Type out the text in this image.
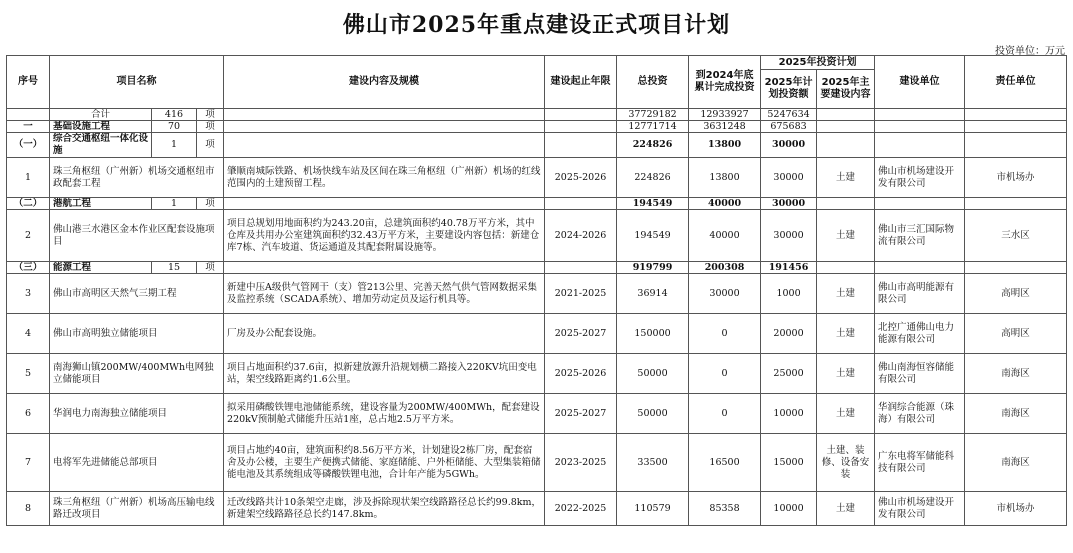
佛山市2025年重点建设正式项目计划
投资单位：万元
序号	项目名称			建设内容及规模	建设起止年限	总投资	到2024年底累计完成投资	2025年投资计划		建设单位	责任单位
								2025年计划投资额	2025年主要建设内容		

	合计	416	项			37729182	12933927	5247634			
一	基础设施工程	70	项			12771714	3631248	675683			
（一）	综合交通枢纽一体化设施	1	项			224826	13800	30000			
1	珠三角枢纽（广州新）机场交通枢纽市政配套工程			肇顺南城际铁路、机场快线车站及区间在珠三角枢纽（广州新）机场的红线范围内的土建预留工程。	2025-2026	224826	13800	30000	土建	佛山市机场建设开发有限公司	市机场办
（二）	港航工程	1	项			194549	40000	30000			
2	佛山港三水港区金本作业区配套设施项目			项目总规划用地面积约为243.20亩，总建筑面积约40.78万平方米，其中仓库及共用办公室建筑面积约32.43万平方米，主要建设内容包括：新建仓库7栋、汽车坡道、货运通道及其配套附属设施等。	2024-2026	194549	40000	30000	土建	佛山市三汇国际物流有限公司	三水区
（三）	能源工程	15	项			919799	200308	191456			
3	佛山市高明区天然气三期工程			新建中压A级供气管网干（支）管213公里、完善天然气供气管网数据采集及监控系统（SCADA系统）、增加劳动定员及运行机具等。	2021-2025	36914	30000	1000	土建	佛山市高明能源有限公司	高明区
4	佛山市高明独立储能项目			厂房及办公配套设施。	2025-2027	150000	0	20000	土建	北控广通佛山电力能源有限公司	高明区
5	南海狮山镇200MW/400MWh电网独立储能项目			项目占地面积约37.6亩，拟新建放源升沿规划横二路接入220KV坑田变电站，架空线路距离约1.6公里。	2025-2026	50000	0	25000	土建	佛山南海恒容储能有限公司	南海区
6	华润电力南海独立储能项目			拟采用磷酸铁锂电池储能系统，建设容量为200MW/400MWh，配套建设220kV预制舱式储能升压站1座，总占地2.5万平方米。	2025-2027	50000	0	10000	土建	华润综合能源（珠海）有限公司	南海区
7	电将军先进储能总部项目			项目占地约40亩，建筑面积约8.56万平方米，计划建设2栋厂房，配套宿舍及办公楼，主要生产便携式储能、家庭储能、户外柜储能、大型集装箱储能电池及其系统组成等磷酸铁锂电池，合计年产能为5GWh。	2023-2025	33500	16500	15000	土建、装修、设备安装	广东电将军储能科技有限公司	南海区
8	珠三角枢纽（广州新）机场高压输电线路迁改项目			迁改线路共计10条架空走廊，涉及拆除现状架空线路路径总长约99.8km，新建架空线路路径总长约147.8km。	2022-2025	110579	85358	10000	土建	佛山市机场建设开发有限公司	市机场办
